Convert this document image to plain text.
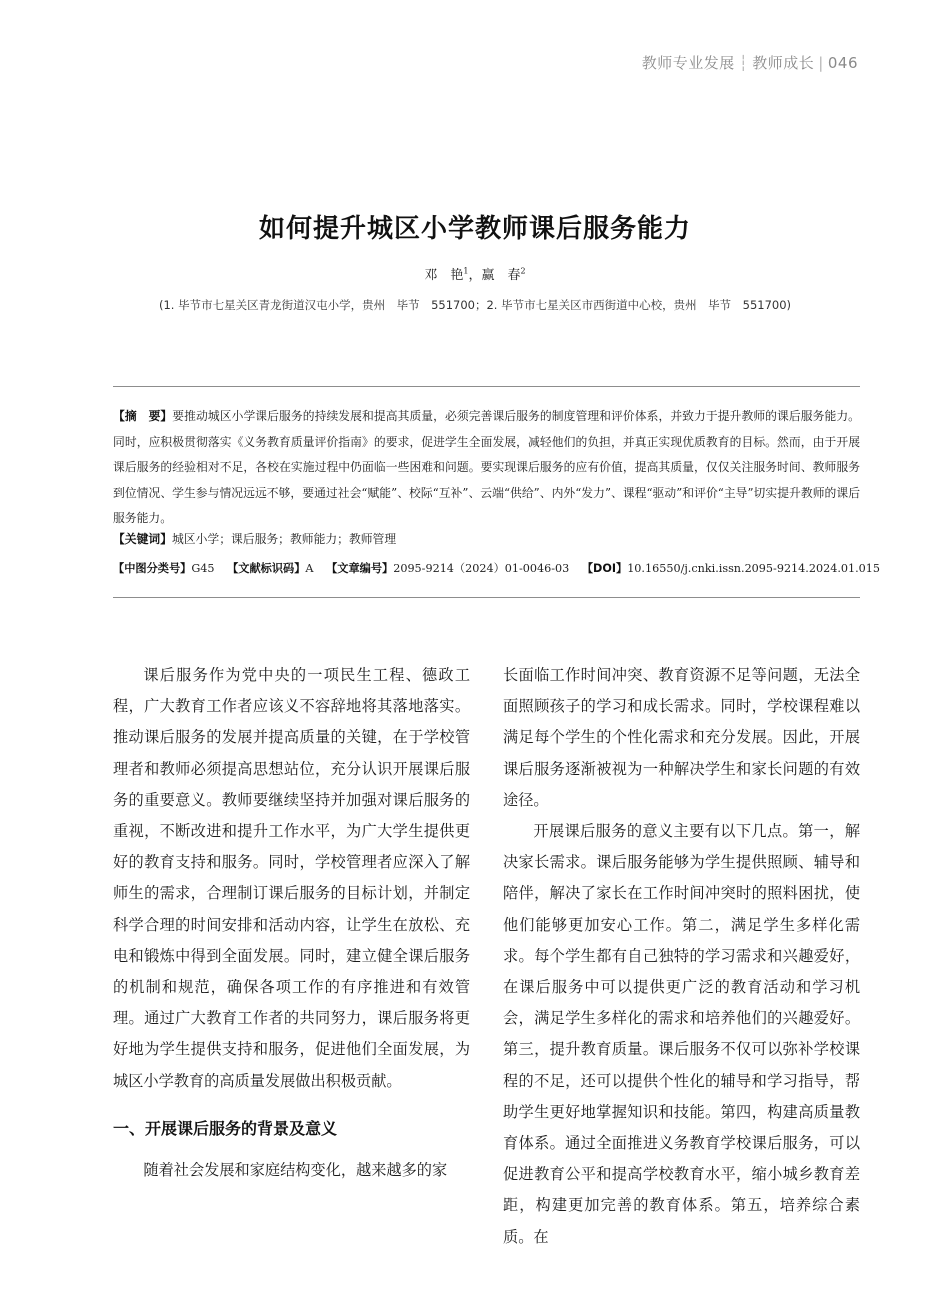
教师专业发展 ┆ 教师成长 | 046
如何提升城区小学教师课后服务能力
邓　艳$^1$，赢　春$^2$
(1. 毕节市七星关区青龙街道汉屯小学，贵州　毕节　551700；2. 毕节市七星关区市西街道中心校，贵州　毕节　551700)
【摘　要】要推动城区小学课后服务的持续发展和提高其质量，必须完善课后服务的制度管理和评价体系，并致力于提升教师的课后服务能力。同时，应积极贯彻落实《义务教育质量评价指南》的要求，促进学生全面发展，减轻他们的负担，并真正实现优质教育的目标。然而，由于开展课后服务的经验相对不足，各校在实施过程中仍面临一些困难和问题。要实现课后服务的应有价值，提高其质量，仅仅关注服务时间、教师服务到位情况、学生参与情况远远不够，要通过社会“赋能”、校际“互补”、云端“供给”、内外“发力”、课程“驱动”和评价“主导”切实提升教师的课后服务能力。
【关键词】城区小学；课后服务；教师能力；教师管理
【中图分类号】G45 【文献标识码】A 【文章编号】2095-9214（2024）01-0046-03 【DOI】10.16550/j.cnki.issn.2095-9214.2024.01.015

课后服务作为党中央的一项民生工程、德政工程，广大教育工作者应该义不容辞地将其落地落实。推动课后服务的发展并提高质量的关键，在于学校管理者和教师必须提高思想站位，充分认识开展课后服务的重要意义。教师要继续坚持并加强对课后服务的重视，不断改进和提升工作水平，为广大学生提供更好的教育支持和服务。同时，学校管理者应深入了解师生的需求，合理制订课后服务的目标计划，并制定科学合理的时间安排和活动内容，让学生在放松、充电和锻炼中得到全面发展。同时，建立健全课后服务的机制和规范，确保各项工作的有序推进和有效管理。通过广大教育工作者的共同努力，课后服务将更好地为学生提供支持和服务，促进他们全面发展，为城区小学教育的高质量发展做出积极贡献。

一、开展课后服务的背景及意义

随着社会发展和家庭结构变化，越来越多的家

长面临工作时间冲突、教育资源不足等问题，无法全面照顾孩子的学习和成长需求。同时，学校课程难以满足每个学生的个性化需求和充分发展。因此，开展课后服务逐渐被视为一种解决学生和家长问题的有效途径。

开展课后服务的意义主要有以下几点。第一，解决家长需求。课后服务能够为学生提供照顾、辅导和陪伴，解决了家长在工作时间冲突时的照料困扰，使他们能够更加安心工作。第二，满足学生多样化需求。每个学生都有自己独特的学习需求和兴趣爱好，在课后服务中可以提供更广泛的教育活动和学习机会，满足学生多样化的需求和培养他们的兴趣爱好。第三，提升教育质量。课后服务不仅可以弥补学校课程的不足，还可以提供个性化的辅导和学习指导，帮助学生更好地掌握知识和技能。第四，构建高质量教育体系。通过全面推进义务教育学校课后服务，可以促进教育公平和提高学校教育水平，缩小城乡教育差距，构建更加完善的教育体系。第五，培养综合素质。在
